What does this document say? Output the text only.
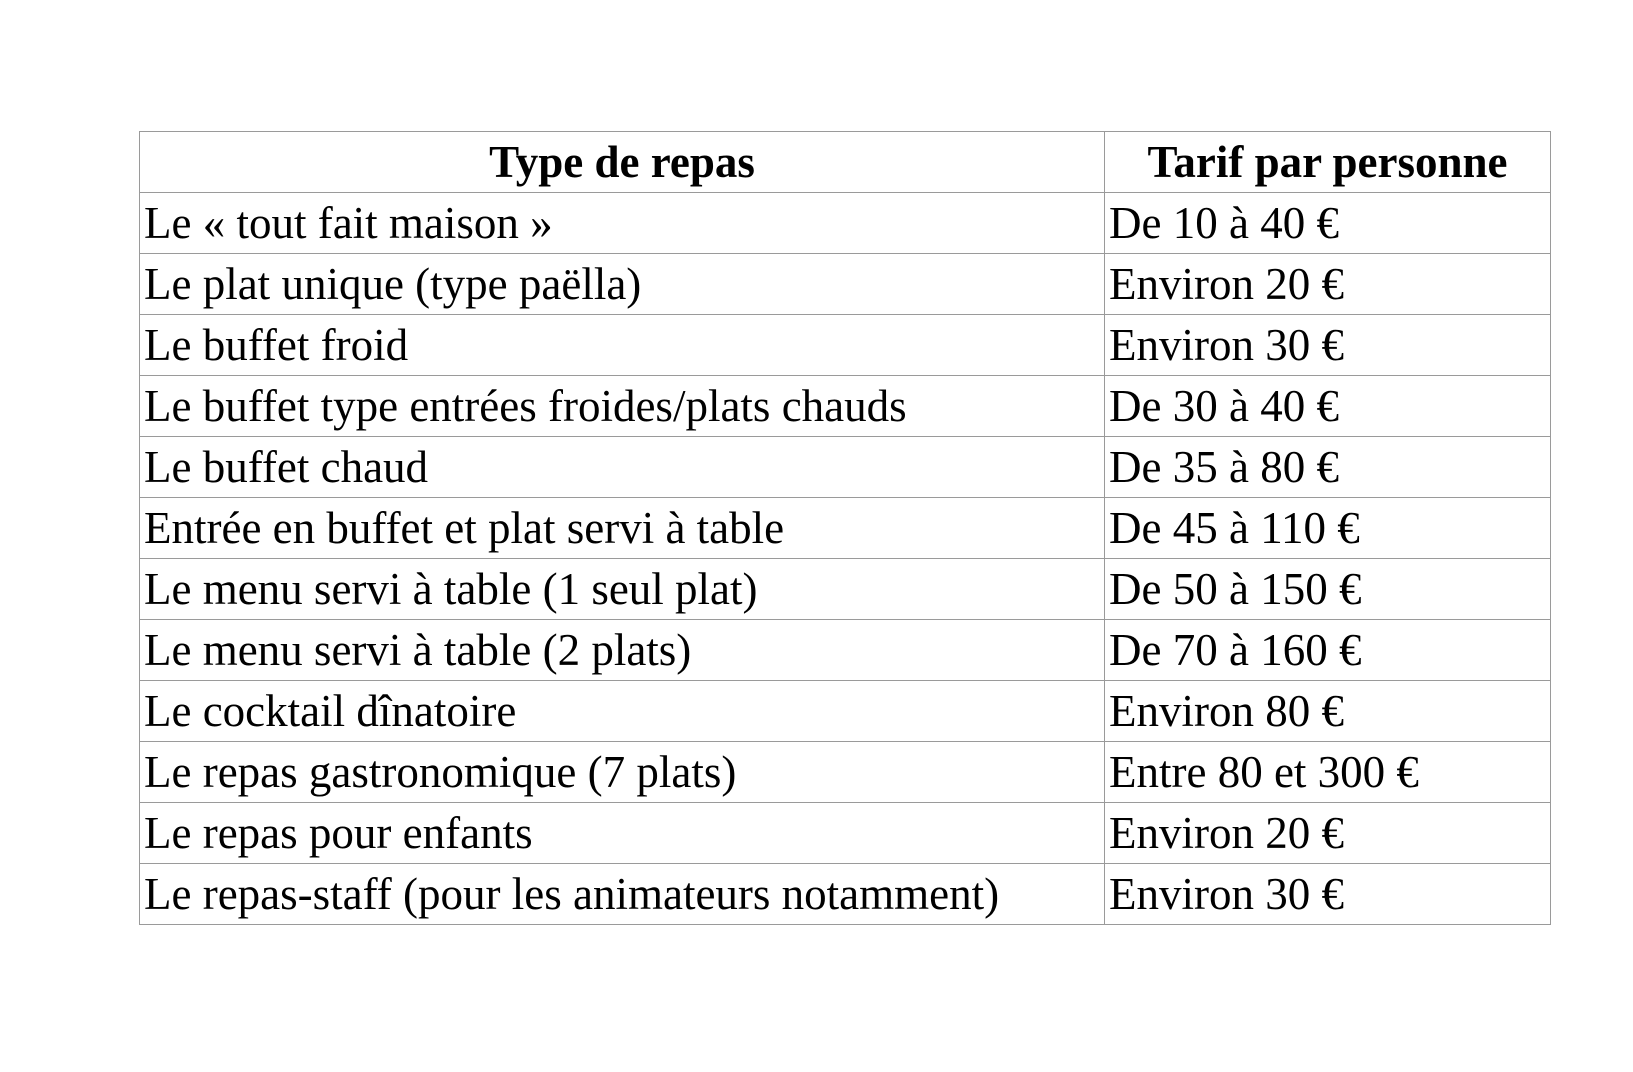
Type de repas	Tarif par personne
Le « tout fait maison »	De 10 à 40 €
Le plat unique (type paëlla)	Environ 20 €
Le buffet froid	Environ 30 €
Le buffet type entrées froides/plats chauds	De 30 à 40 €
Le buffet chaud	De 35 à 80 €
Entrée en buffet et plat servi à table	De 45 à 110 €
Le menu servi à table (1 seul plat)	De 50 à 150 €
Le menu servi à table (2 plats)	De 70 à 160 €
Le cocktail dînatoire	Environ 80 €
Le repas gastronomique (7 plats)	Entre 80 et 300 €
Le repas pour enfants	Environ 20 €
Le repas-staff (pour les animateurs notamment)	Environ 30 €
